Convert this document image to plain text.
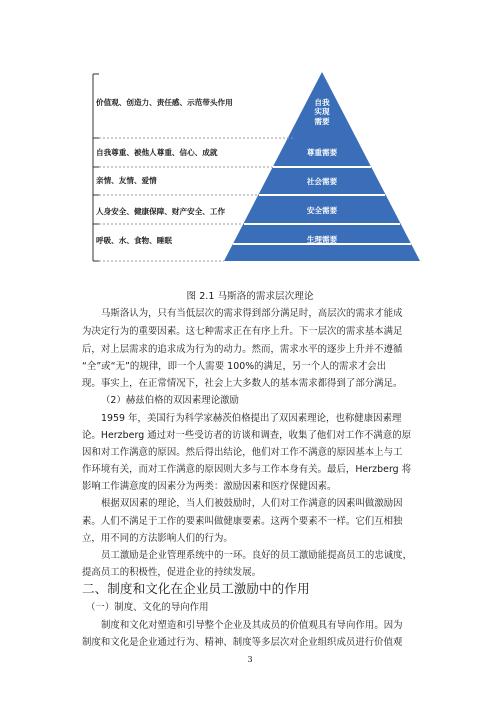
价值观、创造力、责任感、示范带头作用
自我尊重、被他人尊重、信心、成就
亲情、友情、爱情
人身安全、健康保障、财产安全、工作
呼吸、水、食物、睡眠
自我
实现
需要
尊重需要
社会需要
安全需要
生理需要
图 2.1 马斯洛的需求层次理论
马斯洛认为，只有当低层次的需求得到部分满足时，高层次的需求才能成
为决定行为的重要因素。这七种需求正在有序上升。下一层次的需求基本满足
后，对上层需求的追求成为行为的动力。然而，需求水平的逐步上升并不遵循
“全”或“无”的规律，即一个人需要 100%的满足，另一个人的需求才会出
现。事实上，在正常情况下，社会上大多数人的基本需求都得到了部分满足。
（2）赫兹伯格的双因素理论激励
1959 年，美国行为科学家赫茨伯格提出了双因素理论，也称健康因素理
论。Herzberg 通过对一些受访者的访谈和调查，收集了他们对工作不满意的原
因和对工作满意的原因。然后得出结论，他们对工作不满意的原因基本上与工
作环境有关，而对工作满意的原因则大多与工作本身有关。最后，Herzberg 将
影响工作满意度的因素分为两类：激励因素和医疗保健因素。
根据双因素的理论，当人们被鼓励时，人们对工作满意的因素叫做激励因
素。人们不满足于工作的要素叫做健康要素。这两个要素不一样。它们互相独
立，用不同的方法影响人们的行为。
员工激励是企业管理系统中的一环。良好的员工激励能提高员工的忠诚度，
提高员工的积极性，促进企业的持续发展。
二、制度和文化在企业员工激励中的作用
（一）制度、文化的导向作用
制度和文化对塑造和引导整个企业及其成员的价值观具有导向作用。因为
制度和文化是企业通过行为、精神、制度等多层次对企业组织成员进行价值观
3
